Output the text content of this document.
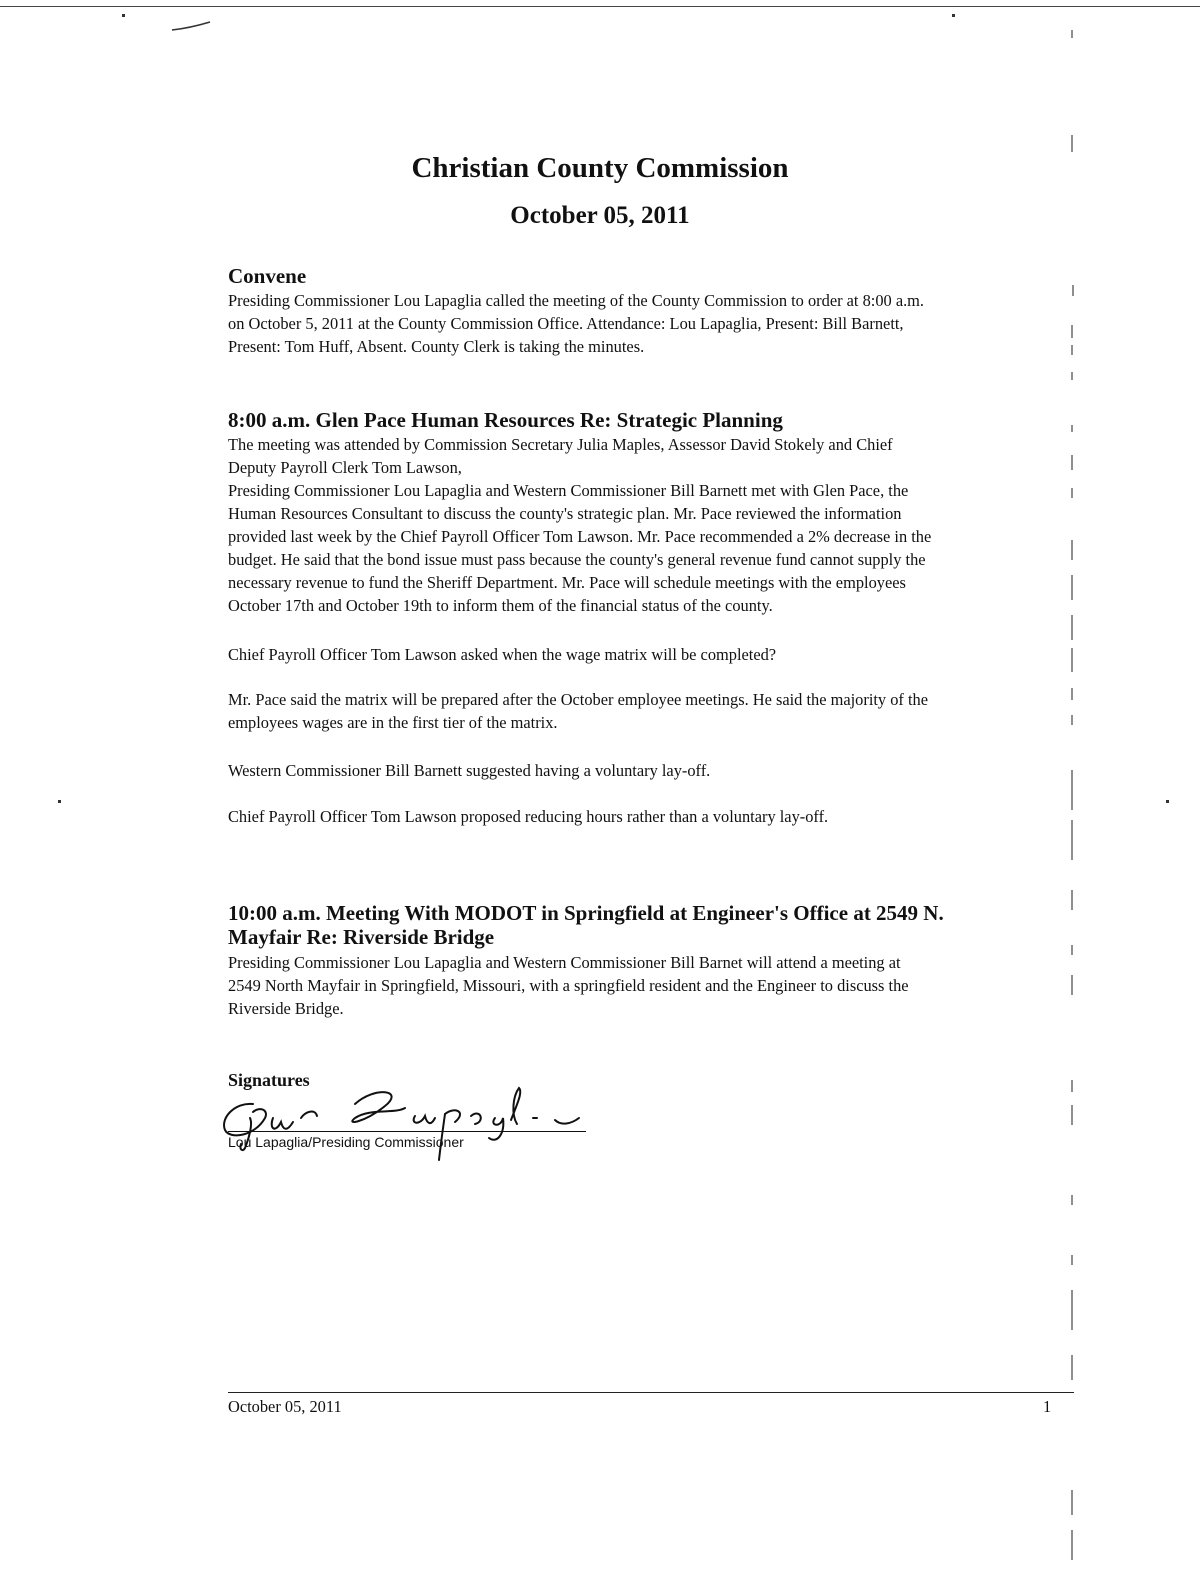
Christian County Commission
October 05, 2011
Convene
Presiding Commissioner Lou Lapaglia called the meeting of the County Commission to order at 8:00 a.m.
on October 5, 2011 at the County Commission Office. Attendance: Lou Lapaglia, Present: Bill Barnett,
Present: Tom Huff, Absent. County Clerk is taking the minutes.
8:00 a.m. Glen Pace Human Resources Re: Strategic Planning
The meeting was attended by Commission Secretary Julia Maples, Assessor David Stokely and Chief
Deputy Payroll Clerk Tom Lawson,
Presiding Commissioner Lou Lapaglia and Western Commissioner Bill Barnett met with Glen Pace, the
Human Resources Consultant to discuss the county's strategic plan. Mr. Pace reviewed the information
provided last week by the Chief Payroll Officer Tom Lawson. Mr. Pace recommended a 2% decrease in the
budget. He said that the bond issue must pass because the county's general revenue fund cannot supply the
necessary revenue to fund the Sheriff Department. Mr. Pace will schedule meetings with the employees
October 17th and October 19th to inform them of the financial status of the county.
Chief Payroll Officer Tom Lawson asked when the wage matrix will be completed?
Mr. Pace said the matrix will be prepared after the October employee meetings. He said the majority of the
employees wages are in the first tier of the matrix.
Western Commissioner Bill Barnett suggested having a voluntary lay-off.
Chief Payroll Officer Tom Lawson proposed reducing hours rather than a voluntary lay-off.
10:00 a.m. Meeting With MODOT in Springfield at Engineer's Office at 2549 N.
Mayfair Re: Riverside Bridge
Presiding Commissioner Lou Lapaglia and Western Commissioner Bill Barnet will attend a meeting at
2549 North Mayfair in Springfield, Missouri, with a springfield resident and the Engineer to discuss the
Riverside Bridge.
Signatures
Lou Lapaglia/Presiding Commissioner
October 05, 2011	1
